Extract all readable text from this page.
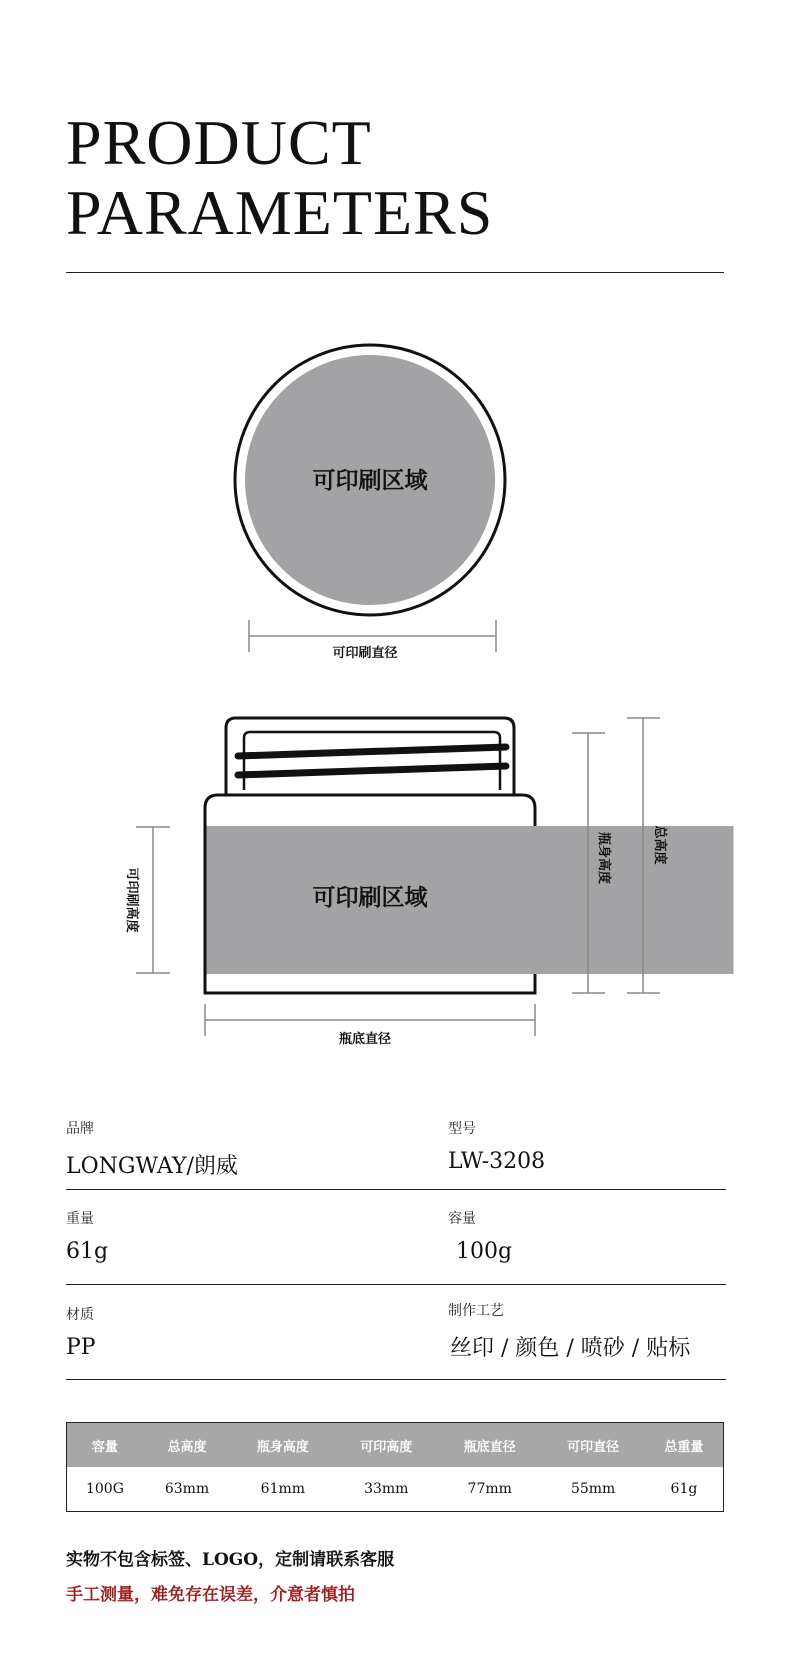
PRODUCT
PARAMETERS
可印刷区域
可印刷直径
可印刷区域
可印刷高度
瓶底直径
瓶身高度	总高度
品牌
LONGWAY/朗威
型号
LW-3208
重量
61g
容量
100g
材质
PP
制作工艺
丝印 / 颜色 / 喷砂 / 贴标
容量	总高度	瓶身高度	可印高度	瓶底直径	可印直径	总重量
100G	63mm	61mm	33mm	77mm	55mm	61g
实物不包含标签、LOGO，定制请联系客服
手工测量，难免存在误差，介意者慎拍
